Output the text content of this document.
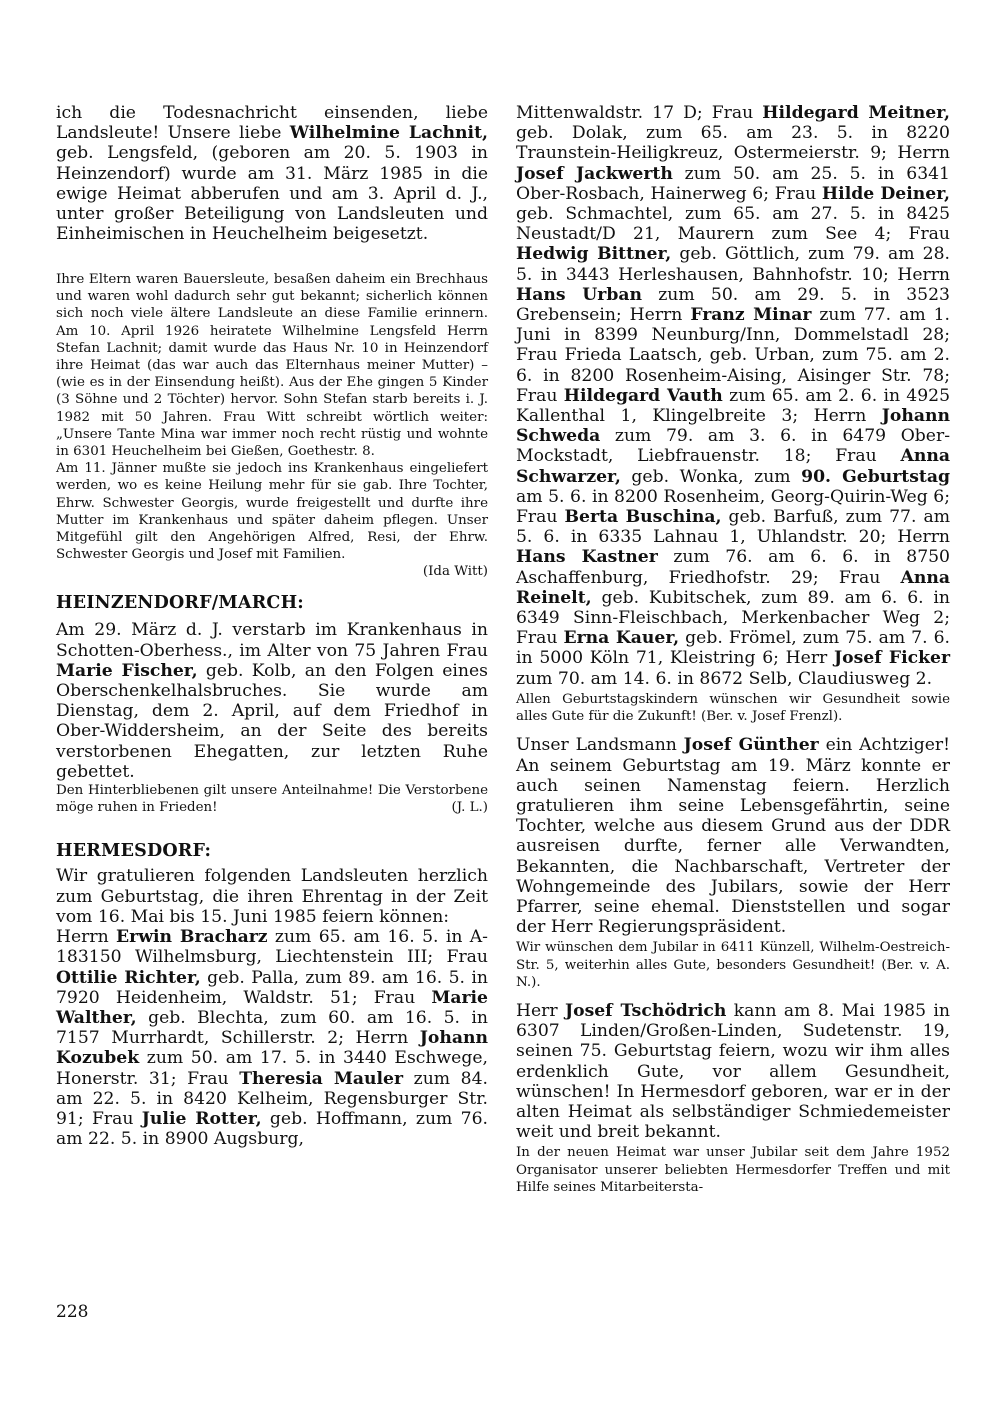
ich die Todesnachricht einsenden, liebe Landsleute! Unsere liebe Wilhelmine Lachnit, geb. Lengsfeld, (geboren am 20. 5. 1903 in Heinzendorf) wurde am 31. März 1985 in die ewige Heimat abberufen und am 3. April d. J., unter großer Beteiligung von Landsleuten und Einheimischen in Heuchelheim beigesetzt.

Ihre Eltern waren Bauersleute, besaßen daheim ein Brechhaus und waren wohl dadurch sehr gut bekannt; sicherlich können sich noch viele ältere Landsleute an diese Familie erinnern. Am 10. April 1926 heiratete Wilhelmine Lengsfeld Herrn Stefan Lachnit; damit wurde das Haus Nr. 10 in Heinzendorf ihre Heimat (das war auch das Elternhaus meiner Mutter) – (wie es in der Einsendung heißt). Aus der Ehe gingen 5 Kinder (3 Söhne und 2 Töchter) hervor. Sohn Stefan starb bereits i. J. 1982 mit 50 Jahren. Frau Witt schreibt wörtlich weiter: „Unsere Tante Mina war immer noch recht rüstig und wohnte in 6301 Heuchelheim bei Gießen, Goethestr. 8.

Am 11. Jänner mußte sie jedoch ins Krankenhaus eingeliefert werden, wo es keine Heilung mehr für sie gab. Ihre Tochter, Ehrw. Schwester Georgis, wurde freigestellt und durfte ihre Mutter im Krankenhaus und später daheim pflegen. Unser Mitgefühl gilt den Angehörigen Alfred, Resi, der Ehrw. Schwester Georgis und Josef mit Familien.

(Ida Witt)

HEINZENDORF/MARCH:

Am 29. März d. J. verstarb im Krankenhaus in Schotten-Oberhess., im Alter von 75 Jahren Frau Marie Fischer, geb. Kolb, an den Folgen eines Oberschenkelhalsbruches. Sie wurde am Dienstag, dem 2. April, auf dem Friedhof in Ober-Widdersheim, an der Seite des bereits verstorbenen Ehegatten, zur letzten Ruhe gebettet.

Den Hinterbliebenen gilt unsere Anteilnahme! Die Verstorbene möge ruhen in Frieden!	(J. L.)

HERMESDORF:

Wir gratulieren folgenden Landsleuten herzlich zum Geburtstag, die ihren Ehrentag in der Zeit vom 16. Mai bis 15. Juni 1985 feiern können:

Herrn Erwin Bracharz zum 65. am 16. 5. in A-183150 Wilhelmsburg, Liechtenstein III; Frau Ottilie Richter, geb. Palla, zum 89. am 16. 5. in 7920 Heidenheim, Waldstr. 51; Frau Marie Walther, geb. Blechta, zum 60. am 16. 5. in 7157 Murrhardt, Schillerstr. 2; Herrn Johann Kozubek zum 50. am 17. 5. in 3440 Eschwege, Honerstr. 31; Frau Theresia Mauler zum 84. am 22. 5. in 8420 Kelheim, Regensburger Str. 91; Frau Julie Rotter, geb. Hoffmann, zum 76. am 22. 5. in 8900 Augsburg,

Mittenwaldstr. 17 D; Frau Hildegard Meitner, geb. Dolak, zum 65. am 23. 5. in 8220 Traunstein-Heiligkreuz, Ostermeierstr. 9; Herrn Josef Jackwerth zum 50. am 25. 5. in 6341 Ober-Rosbach, Hainerweg 6; Frau Hilde Deiner, geb. Schmachtel, zum 65. am 27. 5. in 8425 Neustadt/D 21, Maurern zum See 4; Frau Hedwig Bittner, geb. Göttlich, zum 79. am 28. 5. in 3443 Herleshausen, Bahnhofstr. 10; Herrn Hans Urban zum 50. am 29. 5. in 3523 Grebensein; Herrn Franz Minar zum 77. am 1. Juni in 8399 Neunburg/Inn, Dommelstadl 28; Frau Frieda Laatsch, geb. Urban, zum 75. am 2. 6. in 8200 Rosenheim-Aising, Aisinger Str. 78; Frau Hildegard Vauth zum 65. am 2. 6. in 4925 Kallenthal 1, Klingelbreite 3; Herrn Johann Schweda zum 79. am 3. 6. in 6479 Ober-Mockstadt, Liebfrauenstr. 18; Frau Anna Schwarzer, geb. Wonka, zum 90. Geburtstag am 5. 6. in 8200 Rosenheim, Georg-Quirin-Weg 6; Frau Berta Buschina, geb. Barfuß, zum 77. am 5. 6. in 6335 Lahnau 1, Uhlandstr. 20; Herrn Hans Kastner zum 76. am 6. 6. in 8750 Aschaffenburg, Friedhofstr. 29; Frau Anna Reinelt, geb. Kubitschek, zum 89. am 6. 6. in 6349 Sinn-Fleischbach, Merkenbacher Weg 2; Frau Erna Kauer, geb. Frömel, zum 75. am 7. 6. in 5000 Köln 71, Kleistring 6; Herr Josef Ficker zum 70. am 14. 6. in 8672 Selb, Claudiusweg 2.

Allen Geburtstagskindern wünschen wir Gesundheit sowie alles Gute für die Zukunft! (Ber. v. Josef Frenzl).

Unser Landsmann Josef Günther ein Achtziger! An seinem Geburtstag am 19. März konnte er auch seinen Namenstag feiern. Herzlich gratulieren ihm seine Lebensgefährtin, seine Tochter, welche aus diesem Grund aus der DDR ausreisen durfte, ferner alle Verwandten, Bekannten, die Nachbarschaft, Vertreter der Wohngemeinde des Jubilars, sowie der Herr Pfarrer, seine ehemal. Dienststellen und sogar der Herr Regierungspräsident.

Wir wünschen dem Jubilar in 6411 Künzell, Wilhelm-Oestreich-Str. 5, weiterhin alles Gute, besonders Gesundheit! (Ber. v. A. N.).

Herr Josef Tschödrich kann am 8. Mai 1985 in 6307 Linden/Großen-Linden, Sudetenstr. 19, seinen 75. Geburtstag feiern, wozu wir ihm alles erdenklich Gute, vor allem Gesundheit, wünschen! In Hermesdorf geboren, war er in der alten Heimat als selbständiger Schmiedemeister weit und breit bekannt.

In der neuen Heimat war unser Jubilar seit dem Jahre 1952 Organisator unserer beliebten Hermesdorfer Treffen und mit Hilfe seines Mitarbeitersta-

228
